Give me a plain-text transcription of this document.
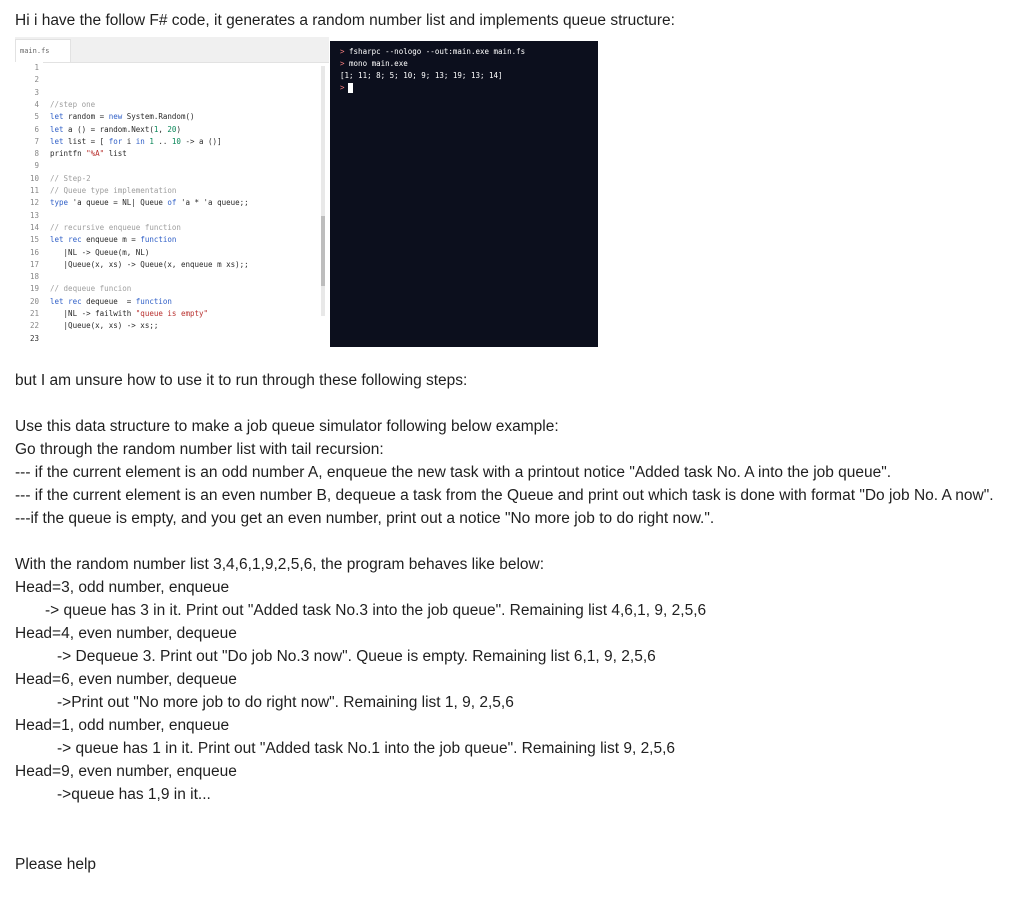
Hi i have the follow F# code, it generates a random number list and implements queue structure:
main.fs
1
2
3
4
5
6
7
8
9
10
11
12
13
14
15
16
17
18
19
20
21
22
23
//step one
let random = new System.Random()
let a () = random.Next(1, 20)
let list = [ for i in 1 .. 10 -> a ()]
printfn "%A" list
// Step-2
// Queue type implementation
type 'a queue = NL| Queue of 'a * 'a queue;;
// recursive enqueue function
let rec enqueue m = function
|NL -> Queue(m, NL)
|Queue(x, xs) -> Queue(x, enqueue m xs);;
// dequeue funcion
let rec dequeue  = function
|NL -> failwith "queue is empty"
|Queue(x, xs) -> xs;;
> fsharpc --nologo --out:main.exe main.fs
> mono main.exe
[1; 11; 8; 5; 10; 9; 13; 19; 13; 14]
>
but I am unsure how to use it to run through these following steps:
Use this data structure to make a job queue simulator following below example:
Go through the random number list with tail recursion:
--- if the current element is an odd number A, enqueue the new task with a printout notice "Added task No. A into the job queue".
--- if the current element is an even number B, dequeue a task from the Queue and print out which task is done with format "Do job No. A now".
---if the queue is empty, and you get an even number, print out a notice "No more job to do right now.".
With the random number list 3,4,6,1,9,2,5,6, the program behaves like below:
Head=3, odd number, enqueue
-> queue has 3 in it. Print out "Added task No.3 into the job queue". Remaining list 4,6,1, 9, 2,5,6
Head=4, even number, dequeue
-> Dequeue 3. Print out "Do job No.3 now". Queue is empty. Remaining list 6,1, 9, 2,5,6
Head=6, even number, dequeue
->Print out "No more job to do right now". Remaining list 1, 9, 2,5,6
Head=1, odd number, enqueue
-> queue has 1 in it. Print out "Added task No.1 into the job queue". Remaining list 9, 2,5,6
Head=9, even number, enqueue
->queue has 1,9 in it...
Please help
